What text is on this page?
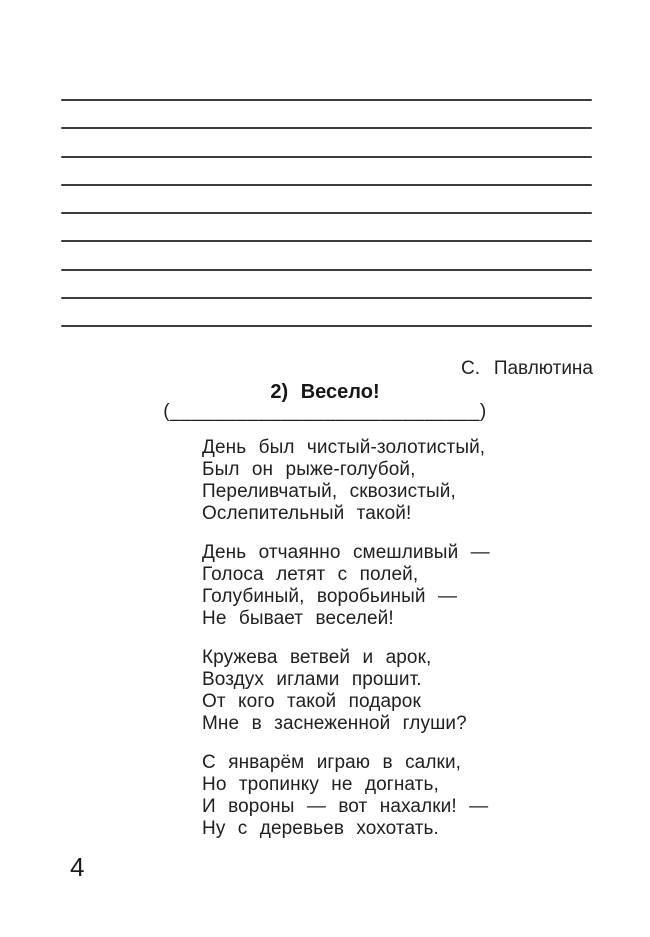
С. Павлютина
2) Весело!
(____________________________)
День был чистый-золотистый,
Был он рыже-голубой,
Переливчатый, сквозистый,
Ослепительный такой!
День отчаянно смешливый —
Голоса летят с полей,
Голубиный, воробьиный —
Не бывает веселей!
Кружева ветвей и арок,
Воздух иглами прошит.
От кого такой подарок
Мне в заснеженной глуши?
С январём играю в салки,
Но тропинку не догнать,
И вороны — вот нахалки! —
Ну с деревьев хохотать.
4
